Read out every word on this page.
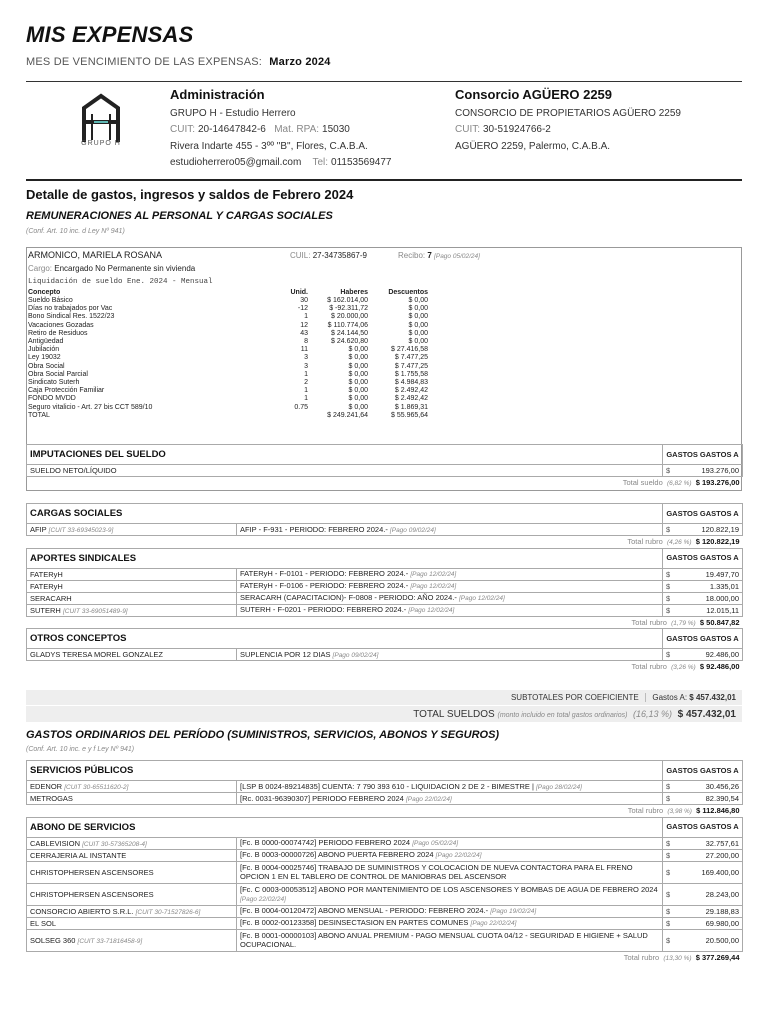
MIS EXPENSAS
MES DE VENCIMIENTO DE LAS EXPENSAS: Marzo 2024
GRUPO H
Administración
GRUPO H - Estudio Herrero
CUIT: 20-14647842-6 Mat. RPA: 15030
Rivera Indarte 455 - 3ºº "B", Flores, C.A.B.A.
estudioherrero05@gmail.com Tel: 01153569477
Consorcio AGÜERO 2259
CONSORCIO DE PROPIETARIOS AGÜERO 2259
CUIT: 30-51924766-2
AGÜERO 2259, Palermo, C.A.B.A.
Detalle de gastos, ingresos y saldos de Febrero 2024
REMUNERACIONES AL PERSONAL Y CARGAS SOCIALES
(Conf. Art. 10 inc. d Ley Nº 941)
ARMONICO, MARIELA ROSANA	CUIL: 27-34735867-9	Recibo: 7 [Pago 05/02/24]
Cargo: Encargado No Permanente sin vivienda
Liquidación de sueldo Ene. 2024 - Mensual
Concepto	Unid.	Haberes	Descuentos
Sueldo Básico	30	$ 162.014,00	$ 0,00
Días no trabajados por Vac	-12	$ -92.311,72	$ 0,00
Bono Sindical Res. 1522/23	1	$ 20.000,00	$ 0,00
Vacaciones Gozadas	12	$ 110.774,06	$ 0,00
Retiro de Residuos	43	$ 24.144,50	$ 0,00
Antigüedad	8	$ 24.620,80	$ 0,00
Jubilación	11	$ 0,00	$ 27.416,58
Ley 19032	3	$ 0,00	$ 7.477,25
Obra Social	3	$ 0,00	$ 7.477,25
Obra Social Parcial	1	$ 0,00	$ 1.755,58
Sindicato Suterh	2	$ 0,00	$ 4.984,83
Caja Protección Familiar	1	$ 0,00	$ 2.492,42
FONDO MVDD	1	$ 0,00	$ 2.492,42
Seguro vitalicio - Art. 27 bis CCT 589/10	0.75	$ 0,00	$ 1.869,31
TOTAL		$ 249.241,64	$ 55.965,64
IMPUTACIONES DEL SUELDO	GASTOS GASTOS A	
SUELDO NETO/LÍQUIDO	$	193.276,00
Total sueldo (6,82 %) $ 193.276,00		
CARGAS SOCIALES		GASTOS GASTOS A	
AFIP [CUIT 33-69345023-9]	AFIP - F-931 - PERIODO: FEBRERO 2024.- [Pago 09/02/24]	$	120.822,19
Total rubro (4,26 %) $ 120.822,19			
APORTES SINDICALES		GASTOS GASTOS A	
FATERyH	FATERyH - F-0101 - PERIODO: FEBRERO 2024.- [Pago 12/02/24]	$	19.497,70
FATERyH	FATERyH - F-0106 - PERIODO: FEBRERO 2024.- [Pago 12/02/24]	$	1.335,01
SERACARH	SERACARH (CAPACITACION)- F-0808 - PERIODO: AÑO 2024.- [Pago 12/02/24]	$	18.000,00
SUTERH [CUIT 33-69051489-9]	SUTERH - F-0201 - PERIODO: FEBRERO 2024.- [Pago 12/02/24]	$	12.015,11
Total rubro (1,79 %) $ 50.847,82			
OTROS CONCEPTOS		GASTOS GASTOS A	
GLADYS TERESA MOREL GONZALEZ	SUPLENCIA POR 12 DIAS [Pago 09/02/24]	$	92.486,00
Total rubro (3,26 %) $ 92.486,00			
SUBTOTALES POR COEFICIENTE Gastos A: $ 457.432,01
TOTAL SUELDOS (monto incluido en total gastos ordinarios) (16,13 %) $ 457.432,01
GASTOS ORDINARIOS DEL PERÍODO (SUMINISTROS, SERVICIOS, ABONOS Y SEGUROS)
(Conf. Art. 10 inc. e y f Ley Nº 941)
SERVICIOS PÚBLICOS		GASTOS GASTOS A	
EDENOR [CUIT 30-65511620-2]	[LSP B 0024-89214835] CUENTA: 7 790 393 610 - LIQUIDACION 2 DE 2 - BIMESTRE | [Pago 28/02/24]	$	30.456,26
METROGAS	[Rc. 0031-96390307] PERIODO FEBRERO 2024 [Pago 22/02/24]	$	82.390,54
Total rubro (3,98 %) $ 112.846,80			
ABONO DE SERVICIOS		GASTOS GASTOS A	
CABLEVISION [CUIT 30-57365208-4]	[Fc. B 0000-00074742] PERIODO FEBRERO 2024 [Pago 05/02/24]	$	32.757,61
CERRAJERIA AL INSTANTE	[Fc. B 0003-00000726] ABONO PUERTA FEBRERO 2024 [Pago 22/02/24]	$	27.200,00
CHRISTOPHERSEN ASCENSORES	[Fc. B 0004-00025746] TRABAJO DE SUMINISTROS Y COLOCACION DE NUEVA CONTACTORA PARA EL FRENO OPCION 1 EN EL TABLERO DE CONTROL DE MANIOBRAS DEL ASCENSOR	$	169.400,00
CHRISTOPHERSEN ASCENSORES	[Fc. C 0003-00053512] ABONO POR MANTENIMIENTO DE LOS ASCENSORES Y BOMBAS DE AGUA DE FEBRERO 2024 [Pago 22/02/24]	$	28.243,00
CONSORCIO ABIERTO S.R.L. [CUIT 30-71527826-6]	[Fc. B 0004-00120472] ABONO MENSUAL - PERIODO: FEBRERO 2024.- [Pago 19/02/24]	$	29.188,83
EL SOL	[Fc. B 0002-00123358] DESINSECTASION EN PARTES COMUNES [Pago 22/02/24]	$	69.980,00
SOLSEG 360 [CUIT 33-71816458-9]	[Fc. B 0001-00000103] ABONO ANUAL PREMIUM - PAGO MENSUAL CUOTA 04/12 - SEGURIDAD E HIGIENE + SALUD OCUPACIONAL.	$	20.500,00
Total rubro (13,30 %) $ 377.269,44			
